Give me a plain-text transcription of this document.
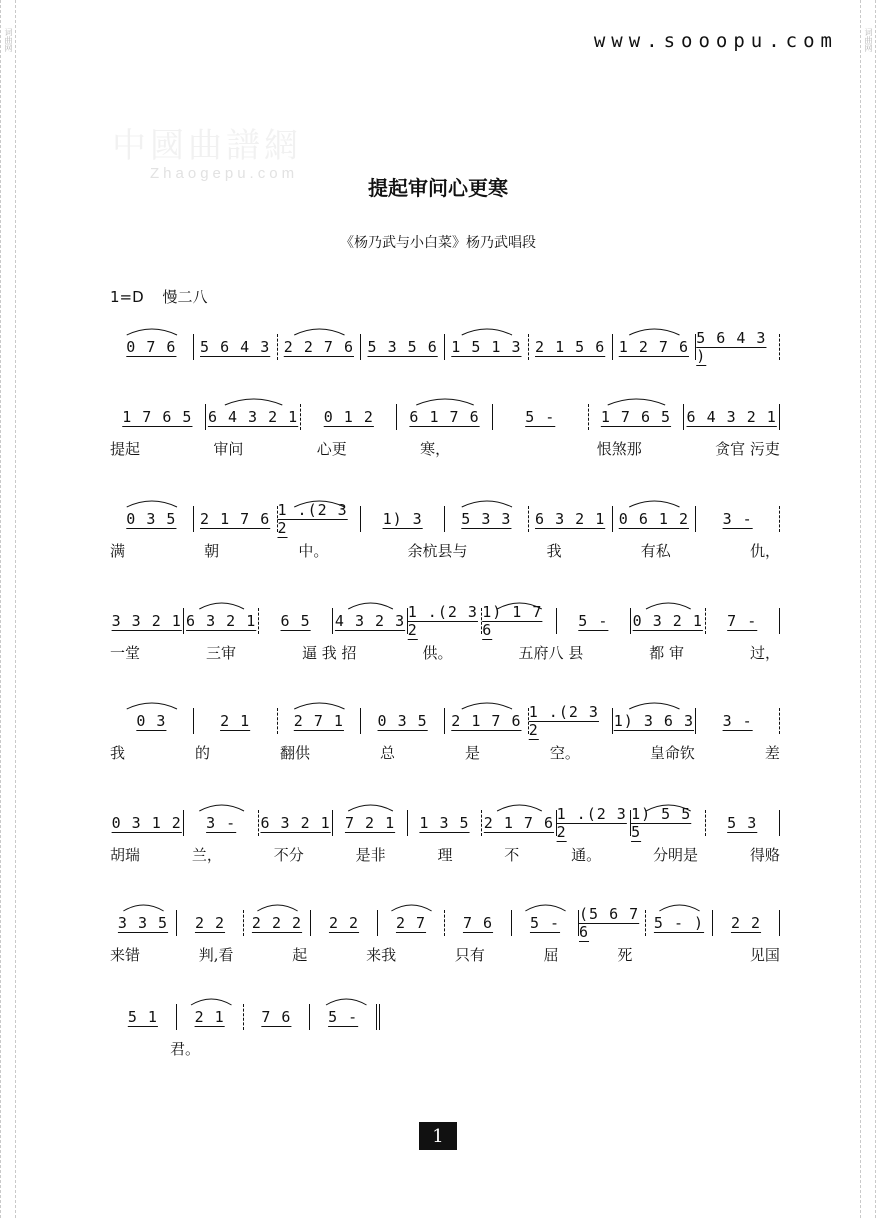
词曲网	词曲网
www.sooopu.com
中國曲譜網
Zhaogepu.com
提起审问心更寒
《杨乃武与小白菜》杨乃武唱段
1=D 慢二八
0 7 6	5 6 4 3 2 2 7 6 5 3 5 6 1 5 1 3 2 1 5 6 1 2 7 6 5 6 4 3 )
1 7 6 5	6 4 3 2 1	0 1 2	6 1 7 6	5 -	1 7 6 5	6 4 3 2 1
提起	审问	心更	寒，	恨煞那	贪官 污吏
0 3 5	2 1 7 6 1 .(2 3 2	1) 3	5 3 3	6 3 2 1 0 6 1 2	3 -
满	朝	中。	余杭县与	我	有私	仇，
3 3 2 1 6 3 2 1	6 5	4 3 2 3 1 .(2 3 2
1) 1 7 6	5 -	0 3 2 1	7 -
一堂	三审	逼 我 招	供。	五府八 县	都 审	过，
0 3	2 1	2 7 1	0 3 5	2 1 7 6 1 .(2 3 2	1) 3 6 3	3 -
我	的	翻供	总	是	空。	皇命钦	差
0 3 1 2	3 -	6 3 2 1 7 2 1	1 3 5 2 1 7 6 1 .(2 3 2
1) 5 5 5	5 3
胡瑞	兰，	不分	是非	理	不	通。	分明是	得赂
3 3 5	2 2	2 2 2	2 2	2 7	7 6	5 -	(5 6 7 6	5 - )	2 2
来错	判,看	起	来我	只有	屈	死	见国
5 1	2 1	7 6	5 -
君。
1
